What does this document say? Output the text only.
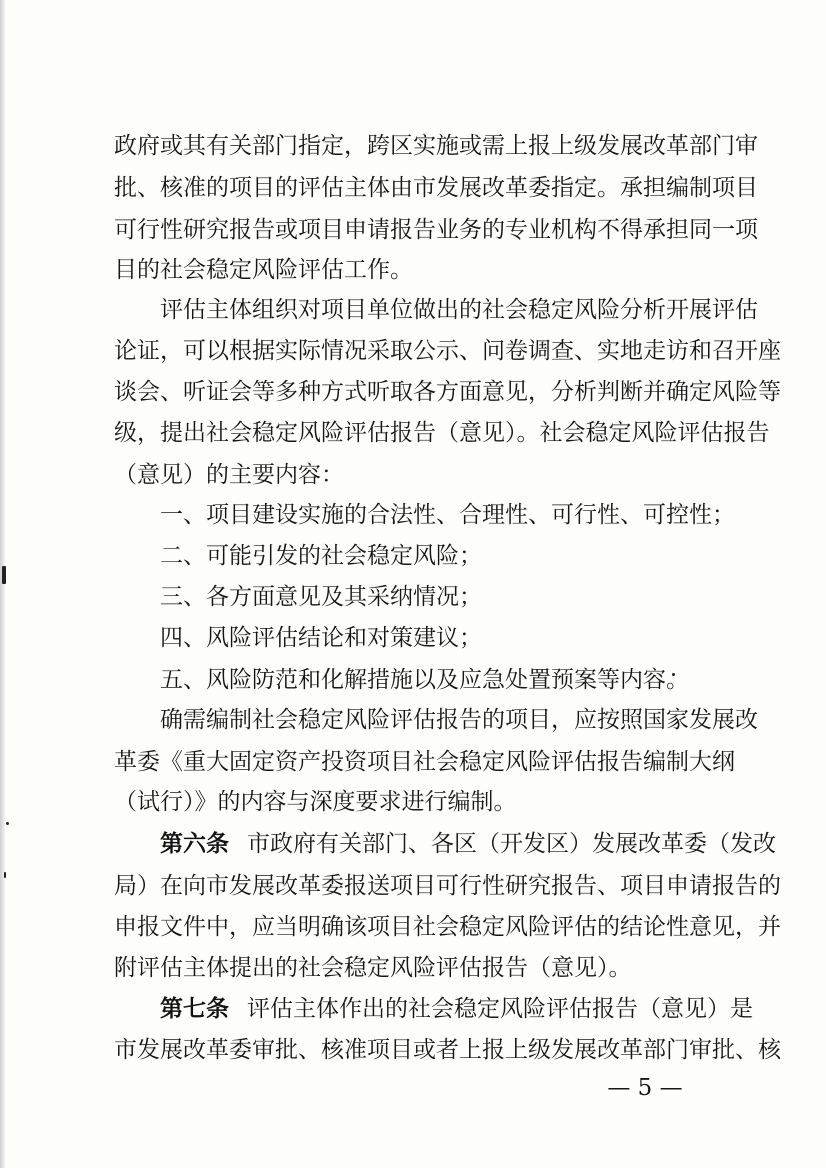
政府或其有关部门指定，跨区实施或需上报上级发展改革部门审
批、核准的项目的评估主体由市发展改革委指定。承担编制项目
可行性研究报告或项目申请报告业务的专业机构不得承担同一项
目的社会稳定风险评估工作。
评估主体组织对项目单位做出的社会稳定风险分析开展评估
论证，可以根据实际情况采取公示、问卷调查、实地走访和召开座
谈会、听证会等多种方式听取各方面意见，分析判断并确定风险等
级，提出社会稳定风险评估报告（意见）。社会稳定风险评估报告
（意见）的主要内容：
一、项目建设实施的合法性、合理性、可行性、可控性；
二、可能引发的社会稳定风险；
三、各方面意见及其采纳情况；
四、风险评估结论和对策建议；
五、风险防范和化解措施以及应急处置预案等内容。
确需编制社会稳定风险评估报告的项目，应按照国家发展改
革委《重大固定资产投资项目社会稳定风险评估报告编制大纲
（试行）》的内容与深度要求进行编制。
第六条 市政府有关部门、各区（开发区）发展改革委（发改
局）在向市发展改革委报送项目可行性研究报告、项目申请报告的
申报文件中，应当明确该项目社会稳定风险评估的结论性意见，并
附评估主体提出的社会稳定风险评估报告（意见）。
第七条 评估主体作出的社会稳定风险评估报告（意见）是
市发展改革委审批、核准项目或者上报上级发展改革部门审批、核
— 5 —
